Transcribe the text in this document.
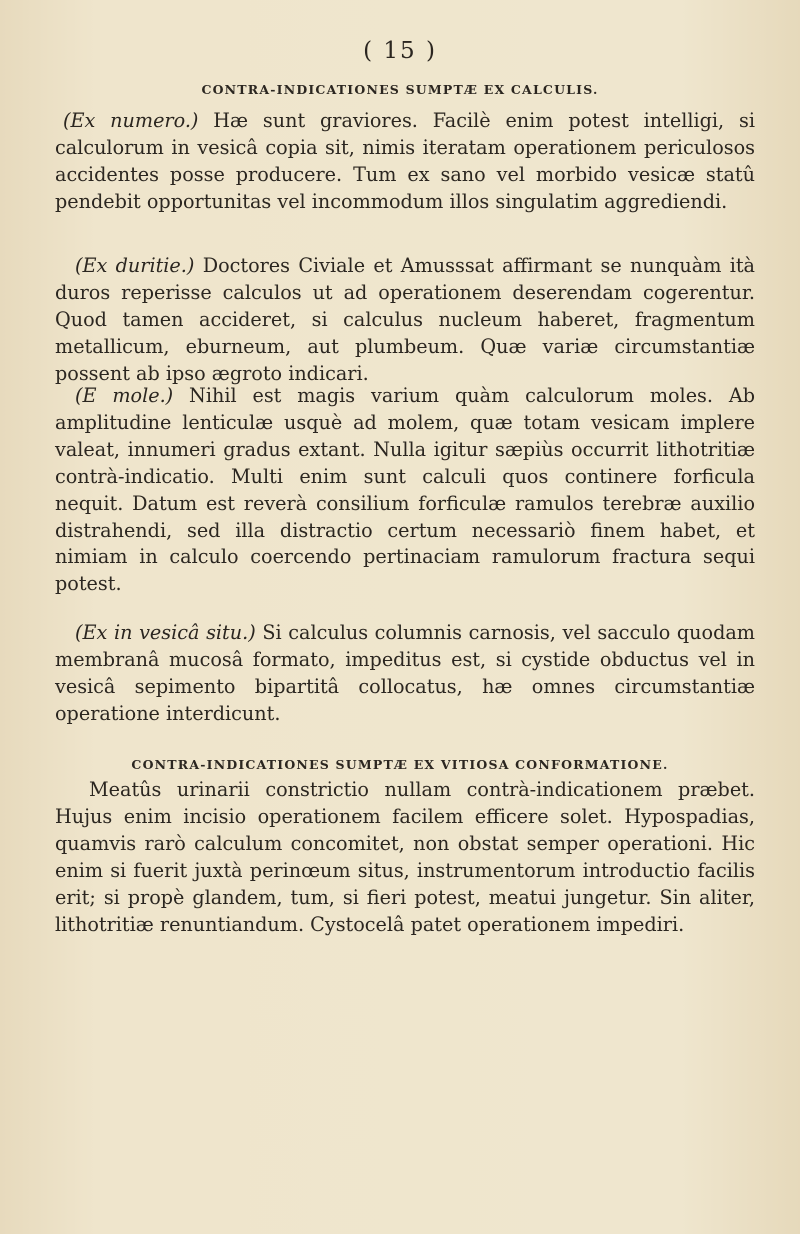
( 15 )
CONTRA-INDICATIONES SUMPTÆ EX CALCULIS.

(Ex numero.) Hæ sunt graviores. Facilè enim potest intelligi, si calculorum in vesicâ copia sit, nimis iteratam operationem periculosos accidentes posse producere. Tum ex sano vel morbido vesicæ statû pendebit opportunitas vel incommodum illos singulatim aggrediendi.

(Ex duritie.) Doctores Civiale et Amusssat affirmant se nunquàm ità duros reperisse calculos ut ad operationem deserendam cogerentur. Quod tamen accideret, si calculus nucleum haberet, fragmentum metallicum, eburneum, aut plumbeum. Quæ variæ circumstantiæ possent ab ipso ægroto indicari.

(E mole.) Nihil est magis varium quàm calculorum moles. Ab amplitudine lenticulæ usquè ad molem, quæ totam vesicam implere valeat, innumeri gradus extant. Nulla igitur sæpiùs occurrit lithotritiæ contrà-indicatio. Multi enim sunt calculi quos continere forficula nequit. Datum est reverà consilium forficulæ ramulos terebræ auxilio distrahendi, sed illa distractio certum necessariò finem habet, et nimiam in calculo coercendo pertinaciam ramulorum fractura sequi potest.

(Ex in vesicâ situ.) Si calculus columnis carnosis, vel sacculo quodam membranâ mucosâ formato, impeditus est, si cystide obductus vel in vesicâ sepimento bipartitâ collocatus, hæ omnes circumstantiæ operatione interdicunt.

CONTRA-INDICATIONES SUMPTÆ EX VITIOSA CONFORMATIONE.

Meatûs urinarii constrictio nullam contrà-indicationem præbet. Hujus enim incisio operationem facilem efficere solet. Hypospadias, quamvis rarò calculum concomitet, non obstat semper operationi. Hic enim si fuerit juxtà perinœum situs, instrumentorum introductio facilis erit; si propè glandem, tum, si fieri potest, meatui jungetur. Sin aliter, lithotritiæ renuntiandum. Cystocelâ patet operationem impediri.
